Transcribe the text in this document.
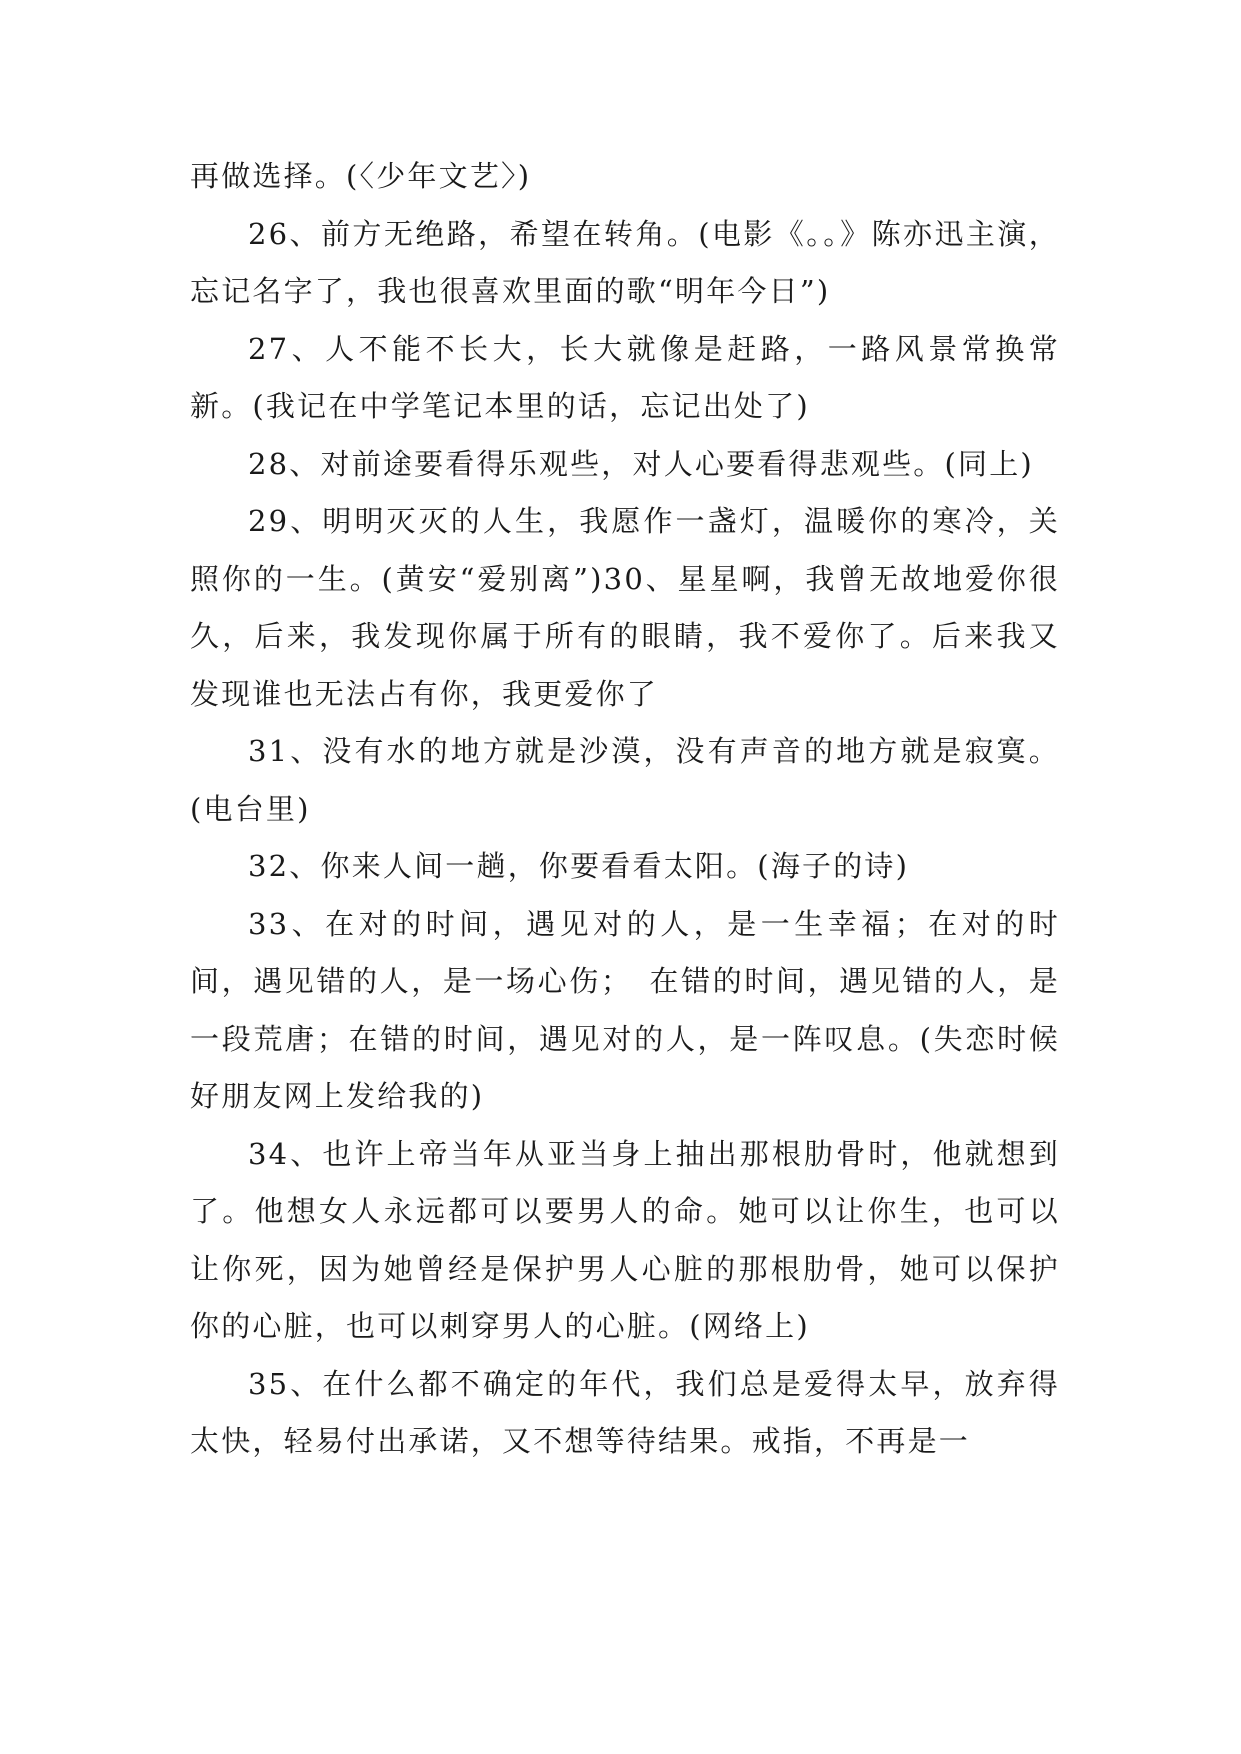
再做选择。(〈少年文艺〉)

26、前方无绝路，希望在转角。(电影《。。》陈亦迅主演，忘记名字了，我也很喜欢里面的歌“明年今日”)

27、人不能不长大，长大就像是赶路，一路风景常换常新。(我记在中学笔记本里的话，忘记出处了)

28、对前途要看得乐观些，对人心要看得悲观些。(同上)

29、明明灭灭的人生，我愿作一盏灯，温暖你的寒冷，关照你的一生。(黄安“爱别离”)30、星星啊，我曾无故地爱你很久，后来，我发现你属于所有的眼睛，我不爱你了。后来我又发现谁也无法占有你，我更爱你了

31、没有水的地方就是沙漠，没有声音的地方就是寂寞。(电台里)

32、你来人间一趟，你要看看太阳。(海子的诗)

33、在对的时间，遇见对的人，是一生幸福；在对的时间，遇见错的人，是一场心伤；　在错的时间，遇见错的人，是一段荒唐；在错的时间，遇见对的人，是一阵叹息。(失恋时候好朋友网上发给我的)

34、也许上帝当年从亚当身上抽出那根肋骨时，他就想到了。他想女人永远都可以要男人的命。她可以让你生，也可以让你死，因为她曾经是保护男人心脏的那根肋骨，她可以保护你的心脏，也可以刺穿男人的心脏。(网络上)

35、在什么都不确定的年代，我们总是爱得太早，放弃得太快，轻易付出承诺，又不想等待结果。戒指，不再是一
